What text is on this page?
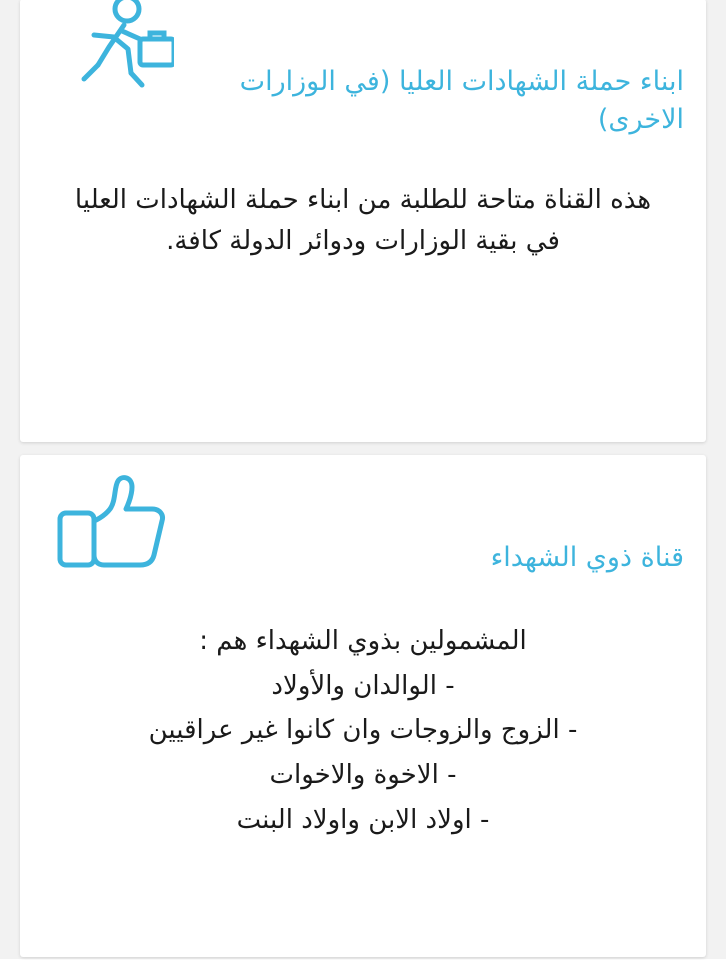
ابناء حملة الشهادات العليا (في الوزارات الاخرى)
هذه القناة متاحة للطلبة من ابناء حملة الشهادات العليا في بقية الوزارات ودوائر الدولة كافة.
قناة ذوي الشهداء
المشمولين بذوي الشهداء هم :
- الوالدان والأولاد
- الزوج والزوجات وان كانوا غير عراقيين
- الاخوة والاخوات
- اولاد الابن واولاد البنت
